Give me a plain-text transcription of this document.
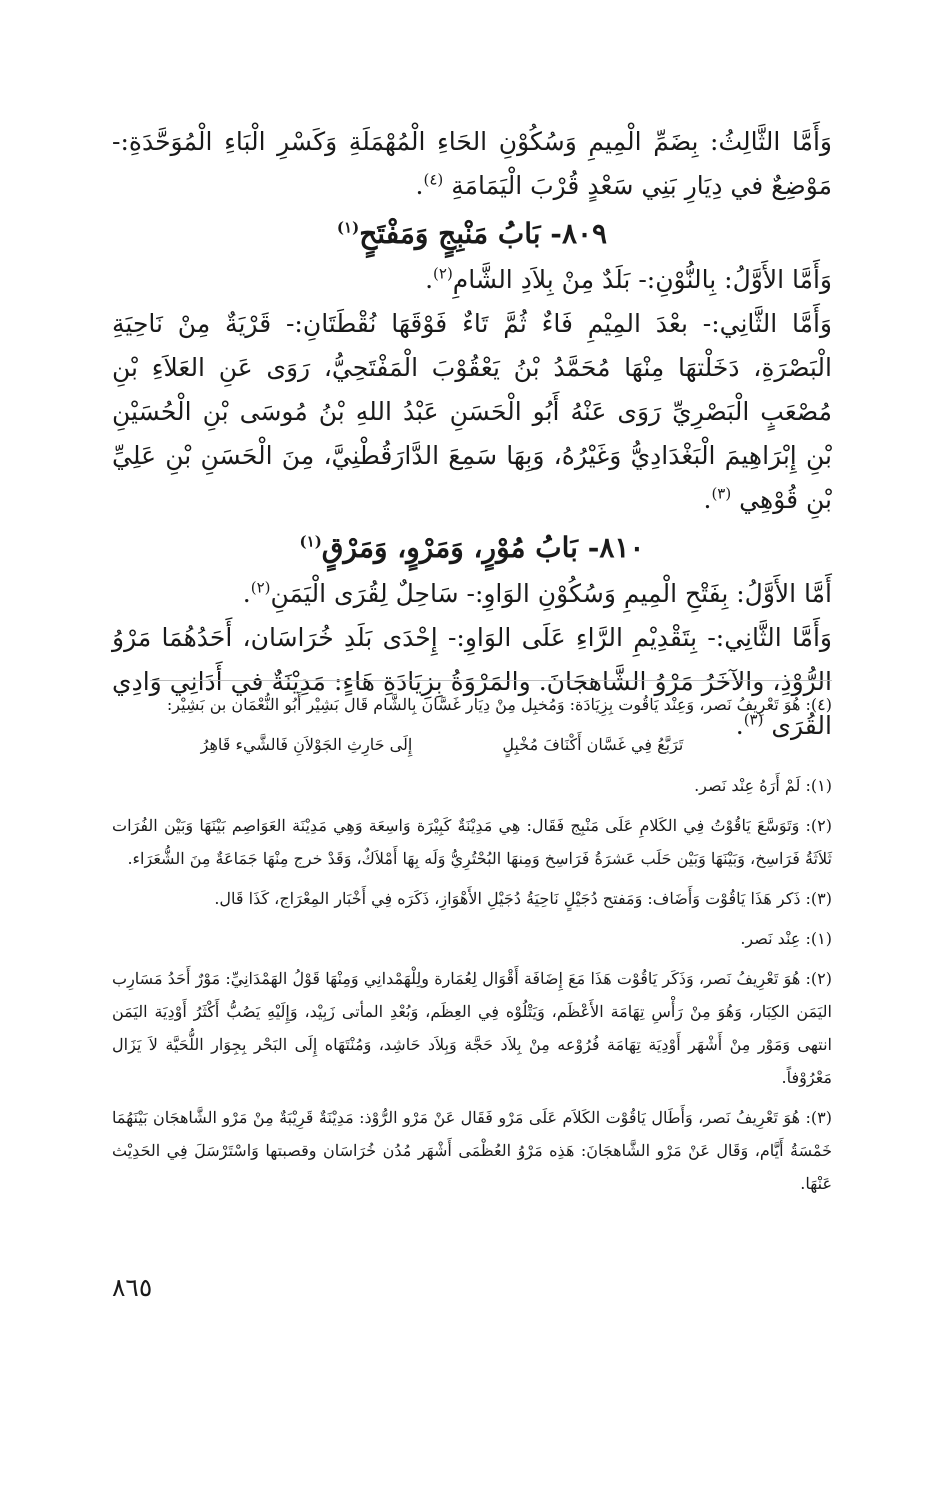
وَأَمَّا الثَّالِثُ: بِضَمِّ الْمِيمِ وَسُكُوْنِ الحَاءِ الْمُهْمَلَةِ وَكَسْرِ الْبَاءِ الْمُوَحَّدَةِ:- مَوْضِعٌ في دِيَارِ بَنِي سَعْدٍ قُرْبَ الْيَمَامَةِ $^{(٤)}$.

٨٠٩- بَابُ مَنْبِجٍ وَمَفْتَحٍ$^{(١)}$

وَأَمَّا الأَوَّلُ: بِالنُّوْنِ:- بَلَدٌ مِنْ بِلاَدِ الشَّامِ$^{(٢)}$.

وَأَمَّا الثَّانِي:- بعْدَ المِيْمِ فَاءٌ ثُمَّ تَاءٌ فَوْقَهَا نُقْطَتَانِ:- قَرْيَةٌ مِنْ نَاحِيَةِ الْبَصْرَةِ، دَخَلْتهَا مِنْهَا مُحَمَّدُ بْنُ يَعْقُوْبَ الْمَفْتَحِيُّ، رَوَى عَنِ العَلاَءِ بْنِ مُصْعَبٍ الْبَصْرِيِّ رَوَى عَنْهُ أَبُو الْحَسَنِ عَبْدُ اللهِ بْنُ مُوسَى بْنِ الْحُسَيْنِ بْنِ إِبْرَاهِيمَ الْبَغْدَادِيُّ وَغَيْرُهُ، وَبِهَا سَمِعَ الدَّارَقُطْنِيَّ، مِنَ الْحَسَنِ بْنِ عَلِيِّ بْنِ قُوْهِي $^{(٣)}$.

٨١٠- بَابُ مُوْرٍ، وَمَرْوٍ، وَمَرْقٍ$^{(١)}$

أَمَّا الأَوَّلُ: بِفَتْحِ الْمِيمِ وَسُكُوْنِ الوَاوِ:- سَاحِلٌ لِقُرَى الْيَمَنِ$^{(٢)}$.

وَأَمَّا الثَّانِي:- بِتَقْدِيْمِ الرَّاءِ عَلَى الوَاوِ:- إِحْدَى بَلَدِ خُرَاسَان، أَحَدُهُمَا مَرْوُ الرُّوْذِ، والآخَرُ مَرْوُ الشَّاهجَانَ. والمَرْوَةُ بِزِيَادَةِ هَاءٍ: مَدِيْنَةٌ في أَدَانِي وَادِي القُرَى $^{(٣)}$.

(٤): هُوَ تَعْرِيفُ نَصر، وَعِنْد يَاقُوت بِزِيَادَة: وَمُخبِل مِنْ دِيَار غَسَّان بِالشَّام قَال بَشِيْر أَبُو النُّعْمَان بن بَشِيْر:

تَرَبَّعُ فِي غَسَّان أَكْنَافَ مُخْبِلٍ
إِلَى حَارِثِ الجَوْلاَنِ فَالشَّيء قَاهِرُ

(١): لَمْ أَرَهُ عِنْد نَصر.

(٢): وَتَوَسَّعَ يَاقُوْتُ فِي الكَلامِ عَلَى مَنْبِج فَقَال: هِي مَدِيْنَةٌ كَبِيْرَة وَاسِعَة وَهِي مَدِيْنَة العَوَاصِم بَيْنَهَا وَبَيْن الفُرَات ثَلاَثَةُ فَرَاسِخ، وَبَيْنَهَا وَبَيْن حَلَب عَشرَةُ فَرَاسِخ وَمِنهَا البُحْتُرِيُّ وَلَه بِهَا أَمْلاَكٌ، وَقَدْ خرج مِنْهَا جَمَاعَةٌ مِنَ الشُّعَرَاء.

(٣): ذَكر هَذَا يَاقُوْت وَأَضَاف: وَمَفتح دُجَيْلٍ نَاحِيَةُ دُجَيْلِ الأَهْوَازِ، ذَكَرَه فِي أَخْبَار المِعْرَاج، كَذَا قَال.

(١): عِنْد نَصر.

(٢): هُوَ تَعْرِيفُ نَصر، وَذَكَر يَاقُوْت هَذَا مَعَ إِضَافَة أَقْوَال لِعُمَارة ولِلْهَمْدانِي وَمِنْهَا قَوْلُ الهَمْدَانِيِّ: مَوْرٌ أَحَدُ مَسَارِب اليَمَن الكِبَار، وَهُوَ مِنْ رَأْسِ تِهَامَة الأَعْظَم، وَيَتْلُوْه فِي العِظَم، وَبُعْدِ المأتى زَبِيْد، وَإِلَيْهِ يَصُبُّ أَكْثَرُ أَوْدِيَة اليَمَن انتهى وَمَوْر مِنْ أَشْهَر أَوْدِيَة تِهَامَة فُرُوْعه مِنْ بِلاَد حَجَّة وَبِلاَد حَاشِد، وَمُنْتَهَاه إِلَى البَحْر بِجِوَار اللُّحَيَّة لاَ يَزَال مَعْرُوْفاً.

(٣): هُوَ تَعْرِيفُ نَصر، وَأَطَال يَاقُوْت الكَلاَم عَلَى مَرْو فَقَال عَنْ مَرْو الرُّوْذ: مَدِيْنَةٌ قَرِيْبَةٌ مِنْ مَرْو الشَّاهجَان بَيْنَهُمَا خَمْسَةُ أَيَّام، وَقَال عَنْ مَرْو الشَّاهجَانَ: هَذِه مَرْوُ العُظْمَى أَشْهَر مُدُن خُرَاسَان وقصبتها وَاسْتَرْسَلَ فِي الحَدِيْث عَنْهَا.

٨٦٥
